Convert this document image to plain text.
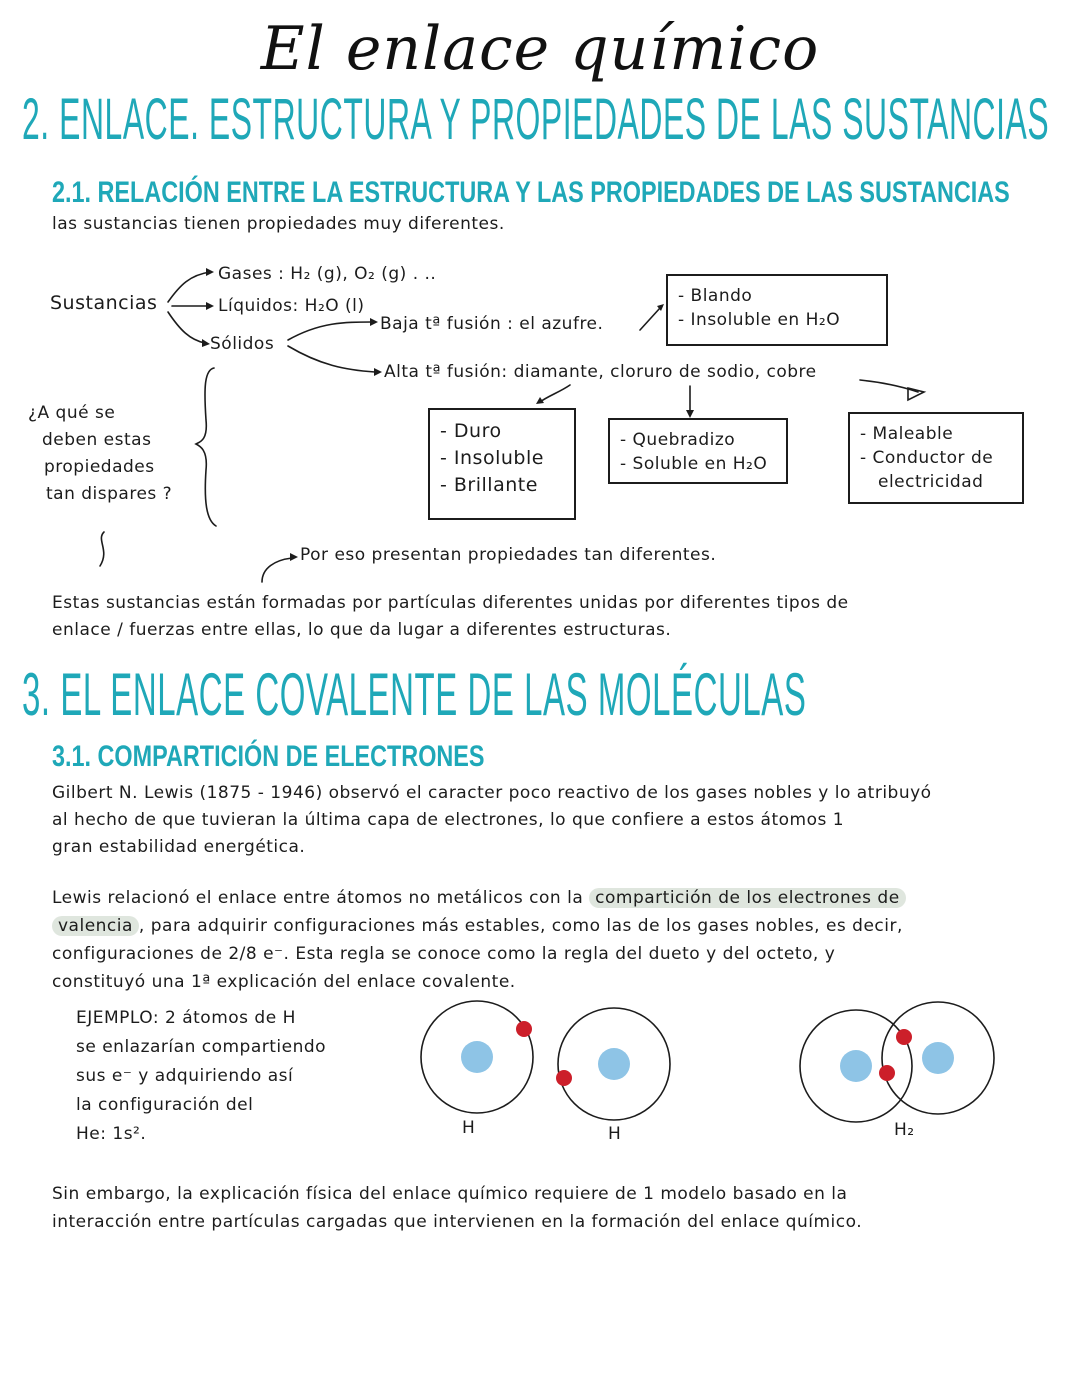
El enlace químico
2. ENLACE. ESTRUCTURA Y PROPIEDADES DE LAS SUSTANCIAS
2.1. RELACIÓN ENTRE LA ESTRUCTURA Y LAS PROPIEDADES DE LAS SUSTANCIAS
las sustancias tienen propiedades muy diferentes.
Sustancias
Gases : H₂ (g), O₂ (g) . ..
Líquidos: H₂O (l)
Sólidos
Baja tª fusión : el azufre.
Alta tª fusión: diamante, cloruro de sodio, cobre
- Blando
- Insoluble en H₂O
- Duro
- Insoluble
- Brillante
- Quebradizo
- Soluble en H₂O
- Maleable
- Conductor de
electricidad
¿A qué se
deben estas
propiedades
tan dispares ?
Por eso presentan propiedades tan diferentes.
Estas sustancias están formadas por partículas diferentes unidas por diferentes tipos de
enlace / fuerzas entre ellas, lo que da lugar a diferentes estructuras.
3. EL ENLACE COVALENTE DE LAS MOLÉCULAS
3.1. COMPARTICIÓN DE ELECTRONES
Gilbert N. Lewis (1875 - 1946) observó el caracter poco reactivo de los gases nobles y lo atribuyó
al hecho de que tuvieran la última capa de electrones, lo que confiere a estos átomos 1
gran estabilidad energética.
Lewis relacionó el enlace entre átomos no metálicos con la compartición de los electrones de
valencia , para adquirir configuraciones más estables, como las de los gases nobles, es decir,
configuraciones de 2/8 e⁻. Esta regla se conoce como la regla del dueto y del octeto, y
constituyó una 1ª explicación del enlace covalente.
EJEMPLO: 2 átomos de H
se enlazarían compartiendo
sus e⁻ y adquiriendo así
la configuración del
He: 1s².	H	H	H₂
Sin embargo, la explicación física del enlace químico requiere de 1 modelo basado en la
interacción entre partículas cargadas que intervienen en la formación del enlace químico.
